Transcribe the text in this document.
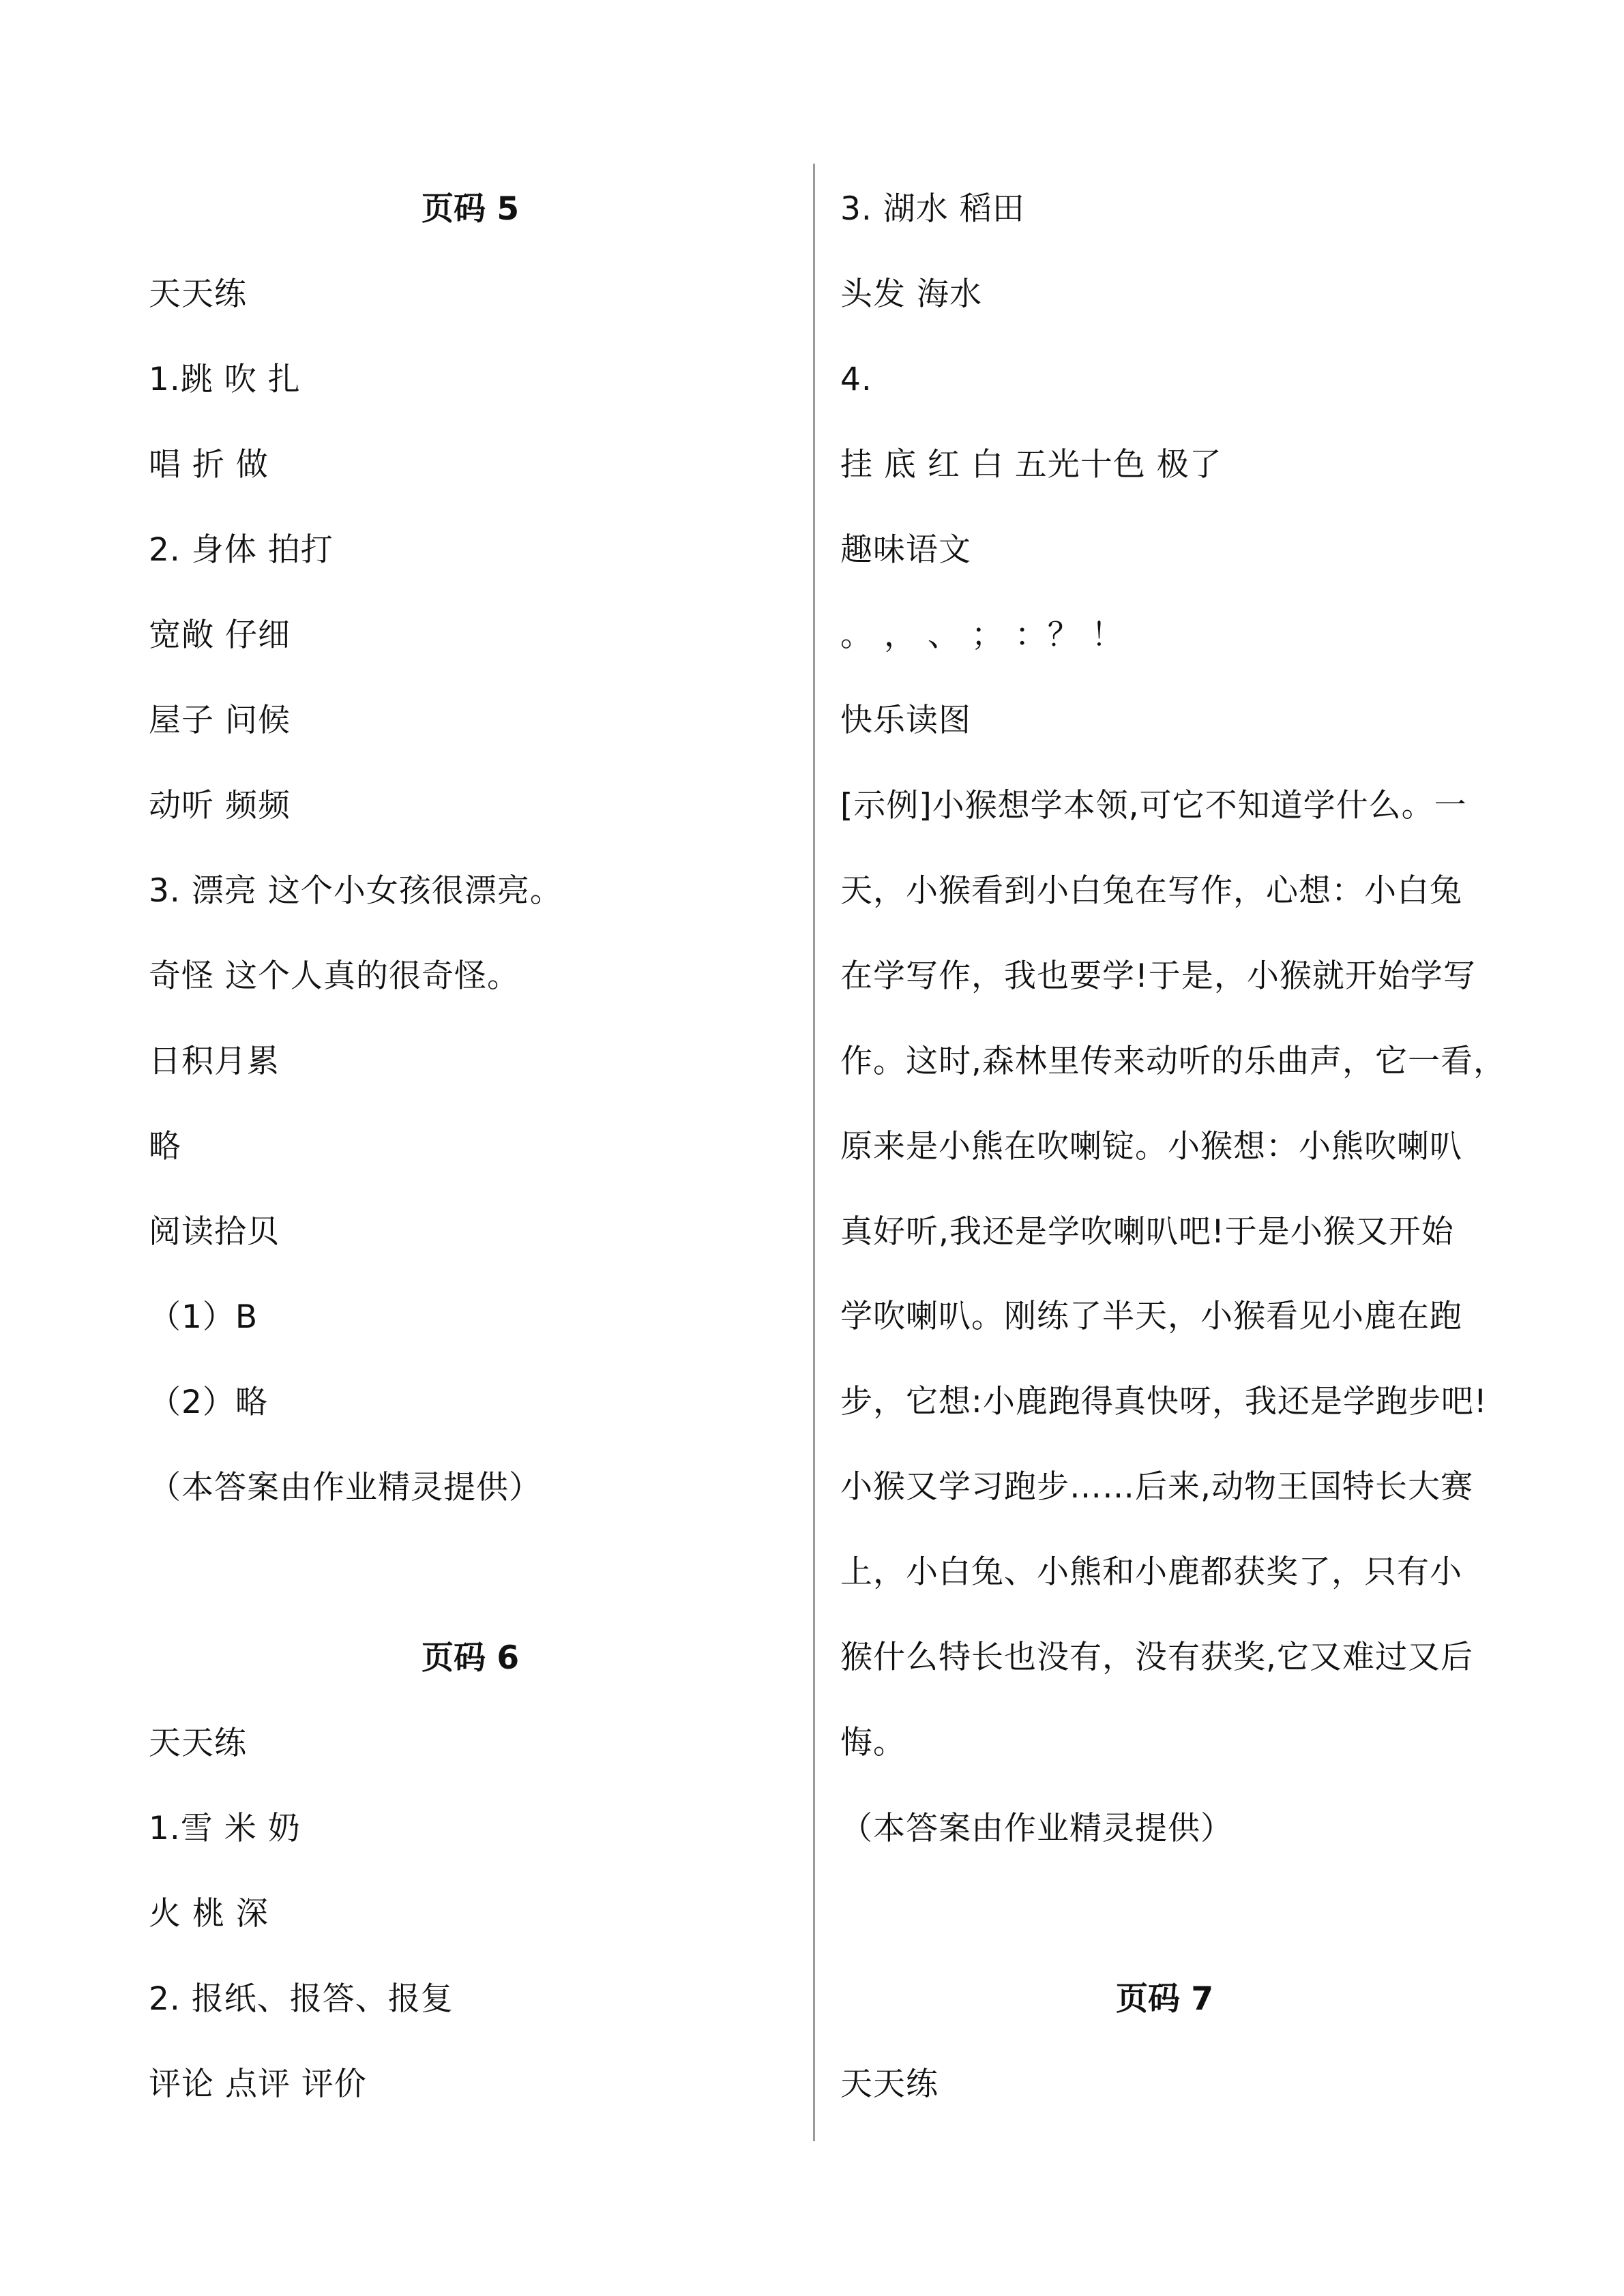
页码 5
天天练
1.跳 吹 扎
唱 折 做
2. 身体 拍打
宽敞 仔细
屋子 问候
动听 频频
3. 漂亮 这个小女孩很漂亮。
奇怪 这个人真的很奇怪。
日积月累
略
阅读拾贝
（1）B
（2）略
（本答案由作业精灵提供）
页码 6
天天练
1.雪 米 奶
火 桃 深
2. 报纸、报答、报复
评论 点评 评价
3. 湖水 稻田
头发 海水
4.
挂 底 红 白 五光十色 极了
趣味语文
。 ， 、 ； ：？ ！
快乐读图
[示例]小猴想学本领,可它不知道学什么。一
天，小猴看到小白兔在写作，心想：小白兔
在学写作，我也要学!于是，小猴就开始学写
作。这时,森林里传来动听的乐曲声，它一看，
原来是小熊在吹喇锭。小猴想：小熊吹喇叭
真好听,我还是学吹喇叭吧!于是小猴又开始
学吹喇叭。刚练了半天，小猴看见小鹿在跑
步，它想:小鹿跑得真快呀，我还是学跑步吧!
小猴又学习跑步……后来,动物王国特长大赛
上，小白兔、小熊和小鹿都获奖了，只有小
猴什么特长也没有，没有获奖,它又难过又后
悔。
（本答案由作业精灵提供）
页码 7
天天练
